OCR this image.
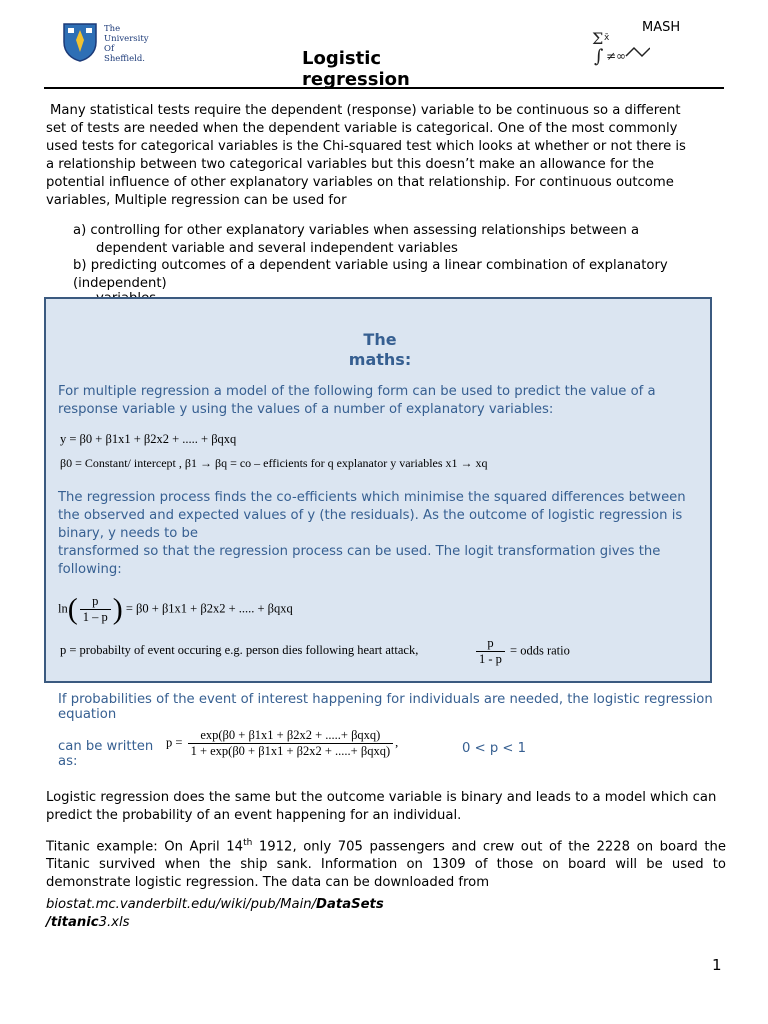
The
University
Of
Sheffield.
Σ x̄
∫ ≠∞
MASH
Logistic
regression
Many statistical tests require the dependent (response) variable to be continuous so a different set of tests are needed when the dependent variable is categorical. One of the most commonly used tests for categorical variables is the Chi-squared test which looks at whether or not there is a relationship between two categorical variables but this doesn’t make an allowance for the potential influence of other explanatory variables on that relationship. For continuous outcome variables, Multiple regression can be used for
a) controlling for other explanatory variables when assessing relationships between a
dependent variable and several independent variables
b) predicting outcomes of a dependent variable using a linear combination of explanatory (independent)
The
maths:
For multiple regression a model of the following form can be used to predict the value of a response variable y using the values of a number of explanatory variables:
y = β0 + β1x1 + β2x2 + ..... + βqxq
β0 = Constant/ intercept , β1 → βq = co – efficients for q explanator y variables x1 → xq
The regression process finds the co-efficients which minimise the squared differences between the observed and expected values of y (the residuals). As the outcome of logistic regression is binary, y needs to be
transformed so that the regression process can be used. The logit transformation gives the following:
$\ln( \frac{p}{1 - p}$ ) = β0 + β1x1 + β2x2 + ..... + βqxq
p = probabilty of event occuring e.g. person dies following heart attack,	$\frac{p}{1 - p}$ = odds ratio
If probabilities of the event of interest happening for individuals are needed, the logistic regression equation
can be written as:
$p = \frac{\text{exp(β0 + β1x1 + β2x2 + .....+ βqxq)}}{\text{1 + exp(β0 + β1x1 + β2x2 + .....+ βqxq)}}$ ,	0 < p < 1
Logistic regression does the same but the outcome variable is binary and leads to a model which can predict the probability of an event happening for an individual.
Titanic example: On April 14th 1912, only 705 passengers and crew out of the 2228 on board the Titanic survived when the ship sank. Information on 1309 of those on board will be used to demonstrate logistic regression. The data can be downloaded from
biostat.mc.vanderbilt.edu/wiki/pub/Main/DataSets
/titanic3.xls
1
